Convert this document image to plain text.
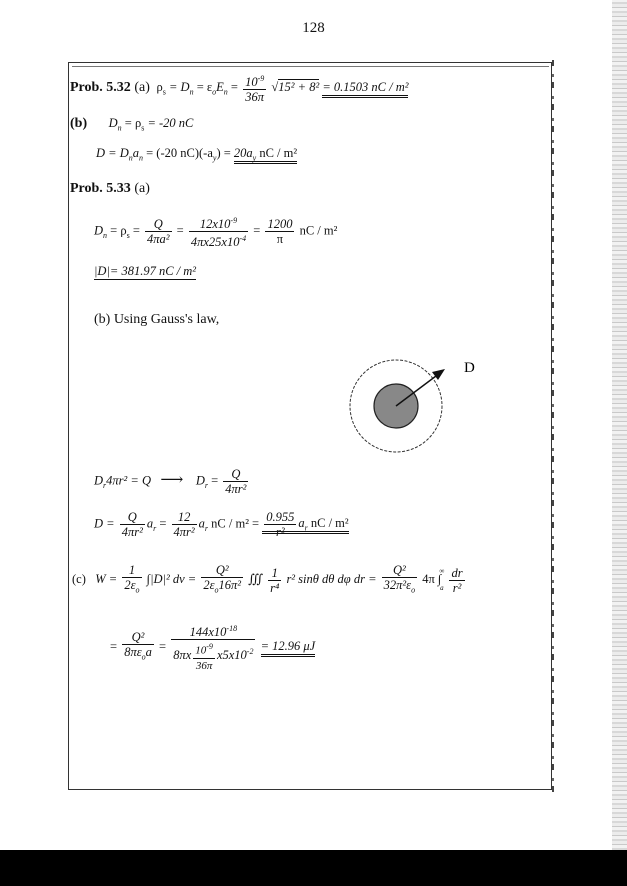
128
Prob. 5.32 (a) $\rho_s = D_n = \varepsilon_oE_n = \frac{10^{-9}}{36\pi} √15^2 + 8^2 = 0.1503$ nC / m²
(b) $D_n = \rho_s = -20$ nC
$D = D_na_n = (-20$ $nC)(-a_y) = 20a_y$ nC / m²
Prob. 5.33 (a)
$D_n = \rho_s = \frac{Q}{\text{4πa²}} = \frac{12x10^{-9}}{4\pi x25x10^{-4}} = \frac{1200}{\pi}$ nC / m²
|D|= 381.97 nC / m²
(b) Using Gauss's law,
D
$D_r4\pi r^2 = Q$ ⟶ $D_r = \frac{Q}{\text{4πr²}}$
$D = \frac{Q}{\text{4πr²}} a_r = \frac{12}{\text{4πr²}} a_r$ nC / $m^2 = \frac{0.955}{\text{r²}} a_r$ nC / m²
(c) $W = \frac{1}{2\varepsilon_o} \int|D|^2$ dv = $\frac{\text{Q²}}{2\varepsilon_o16\pi^2}$ ∭ $\frac{1}{\text{r⁴}} r^2$ sinθ dθ dφ dr = $\frac{\text{Q²}}{32\pi^2\varepsilon_o} 4\pi$ ∫
∞
a
$\frac{dr}{\text{r²}}$
= $\frac{\text{Q²}}{8\pi\varepsilon_oa} = \frac{144x10^{-18}}{8\pi x \frac{10^{-9}}{36\pi} x5x10^{-2}} = 12.96$ μJ
